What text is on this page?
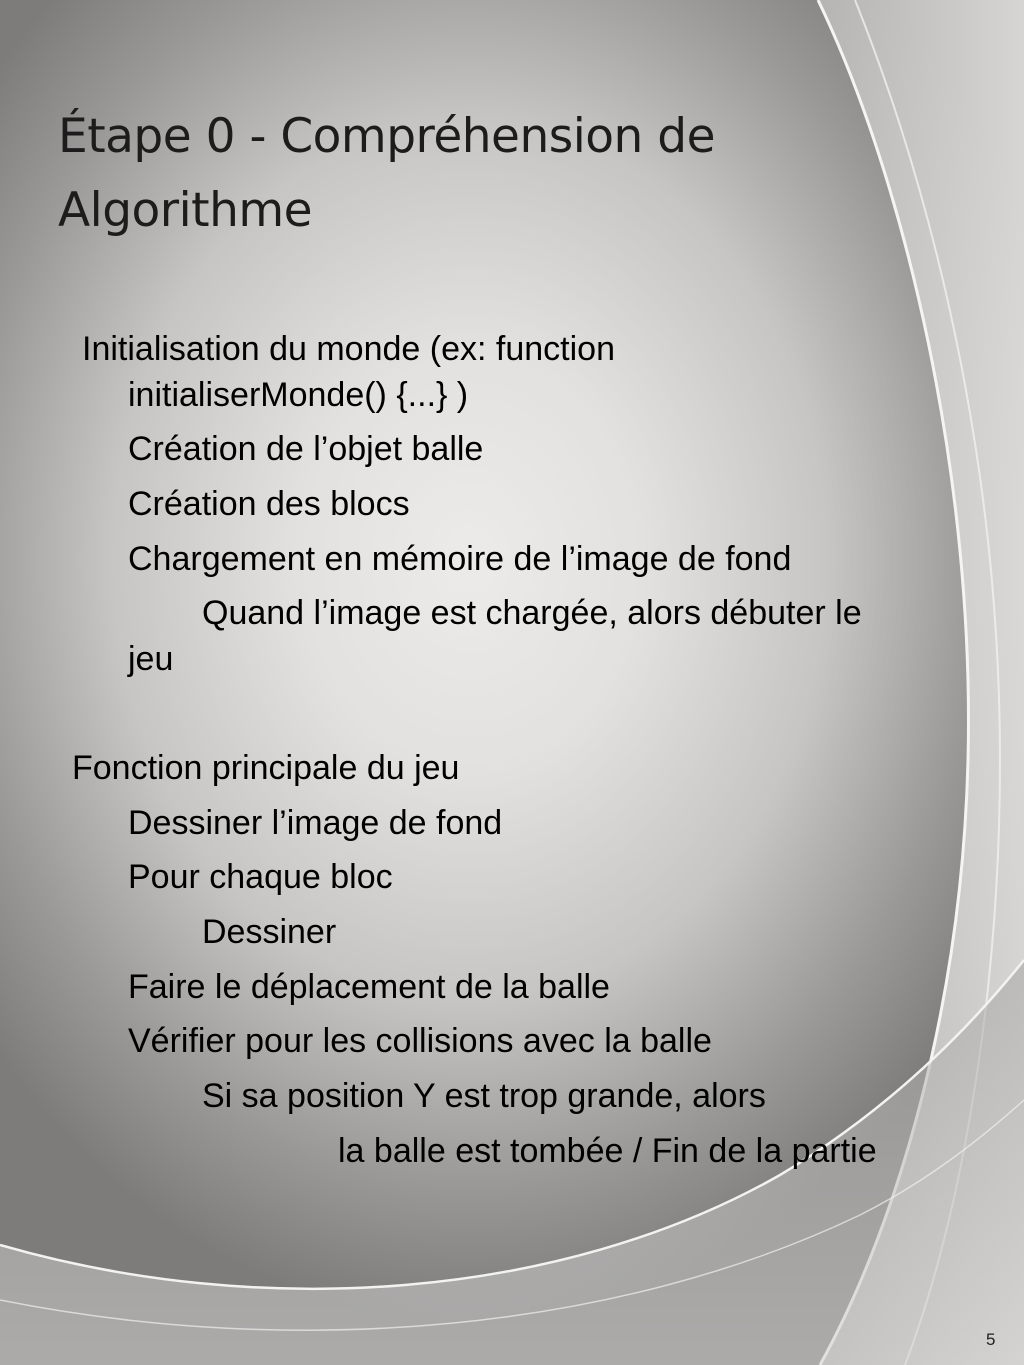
Étape 0 - Compréhension de
Algorithme
Initialisation du monde (ex: function
initialiserMonde() {...} )
Création de l’objet balle
Création des blocs
Chargement en mémoire de l’image de fond
Quand l’image est chargée, alors débuter le
jeu
Fonction principale du jeu
Dessiner l’image de fond
Pour chaque bloc
Dessiner
Faire le déplacement de la balle
Vérifier pour les collisions avec la balle
Si sa position Y est trop grande, alors
la balle est tombée / Fin de la partie
5
